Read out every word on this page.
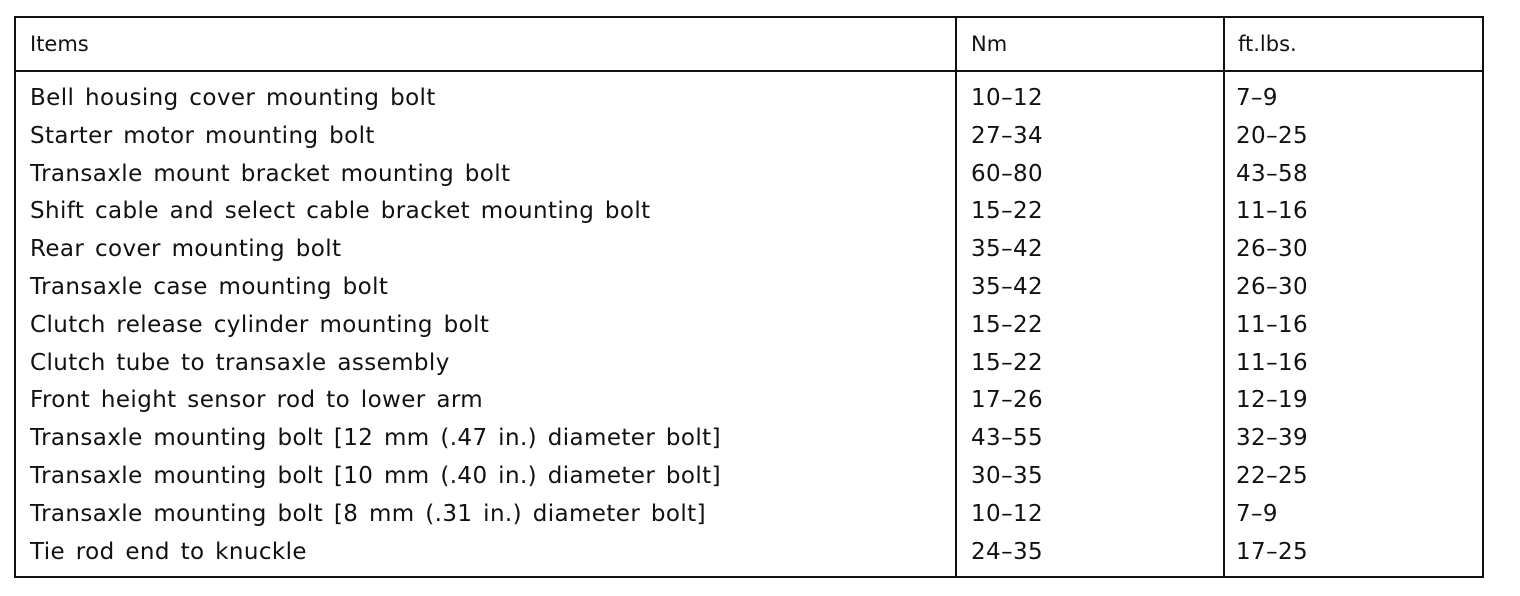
Items	Nm	ft.lbs.
Bell housing cover mounting bolt	10–12	7–9
Starter motor mounting bolt	27–34	20–25
Transaxle mount bracket mounting bolt	60–80	43–58
Shift cable and select cable bracket mounting bolt	15–22	11–16
Rear cover mounting bolt	35–42	26–30
Transaxle case mounting bolt	35–42	26–30
Clutch release cylinder mounting bolt	15–22	11–16
Clutch tube to transaxle assembly	15–22	11–16
Front height sensor rod to lower arm	17–26	12–19
Transaxle mounting bolt [12 mm (.47 in.) diameter bolt]	43–55	32–39
Transaxle mounting bolt [10 mm (.40 in.) diameter bolt]	30–35	22–25
Transaxle mounting bolt [8 mm (.31 in.) diameter bolt]	10–12	7–9
Tie rod end to knuckle	24–35	17–25
